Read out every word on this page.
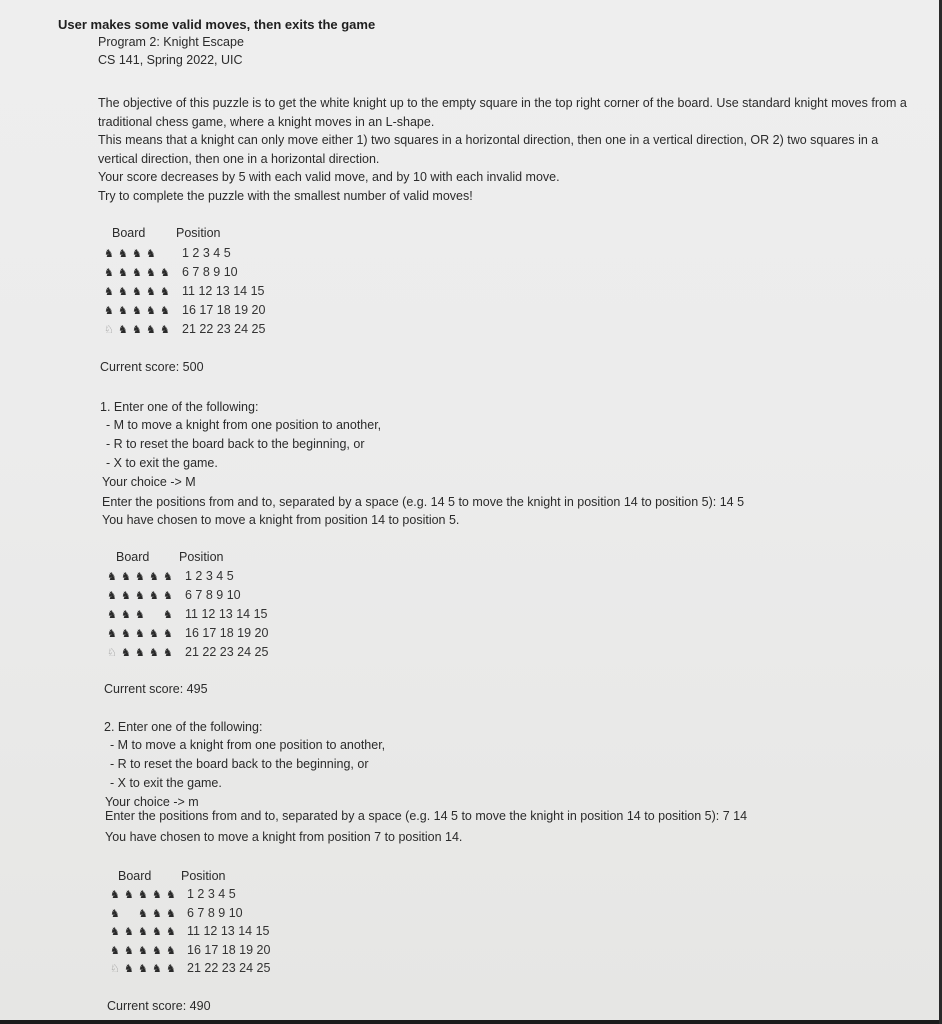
User makes some valid moves, then exits the game
Program 2: Knight Escape
CS 141, Spring 2022, UIC
The objective of this puzzle is to get the white knight up to the empty square in the top right corner of the board. Use standard knight moves from a
traditional chess game, where a knight moves in an L-shape.
This means that a knight can only move either 1) two squares in a horizontal direction, then one in a vertical direction, OR 2) two squares in a
vertical direction, then one in a horizontal direction.
Your score decreases by 5 with each valid move, and by 10 with each invalid move.
Try to complete the puzzle with the smallest number of valid moves!
Board Position
♞ ♞ ♞ ♞ 1 2 3 4 5
♞ ♞ ♞ ♞ ♞ 6 7 8 9 10
♞ ♞ ♞ ♞ ♞ 11 12 13 14 15
♞ ♞ ♞ ♞ ♞ 16 17 18 19 20
♘ ♞ ♞ ♞ ♞ 21 22 23 24 25
Current score: 500
1. Enter one of the following:
- M to move a knight from one position to another,
- R to reset the board back to the beginning, or
- X to exit the game.
Your choice -> M
Enter the positions from and to, separated by a space (e.g. 14 5 to move the knight in position 14 to position 5): 14 5
You have chosen to move a knight from position 14 to position 5.
Board Position
♞ ♞ ♞ ♞ ♞ 1 2 3 4 5
♞ ♞ ♞ ♞ ♞ 6 7 8 9 10
♞ ♞ ♞ ♞ 11 12 13 14 15
♞ ♞ ♞ ♞ ♞ 16 17 18 19 20
♘ ♞ ♞ ♞ ♞ 21 22 23 24 25
Current score: 495
2. Enter one of the following:
- M to move a knight from one position to another,
- R to reset the board back to the beginning, or
- X to exit the game.
Your choice -> m
Enter the positions from and to, separated by a space (e.g. 14 5 to move the knight in position 14 to position 5): 7 14
You have chosen to move a knight from position 7 to position 14.
Board Position
♞ ♞ ♞ ♞ ♞ 1 2 3 4 5
♞ ♞ ♞ ♞ 6 7 8 9 10
♞ ♞ ♞ ♞ ♞ 11 12 13 14 15
♞ ♞ ♞ ♞ ♞ 16 17 18 19 20
♘ ♞ ♞ ♞ ♞ 21 22 23 24 25
Current score: 490
